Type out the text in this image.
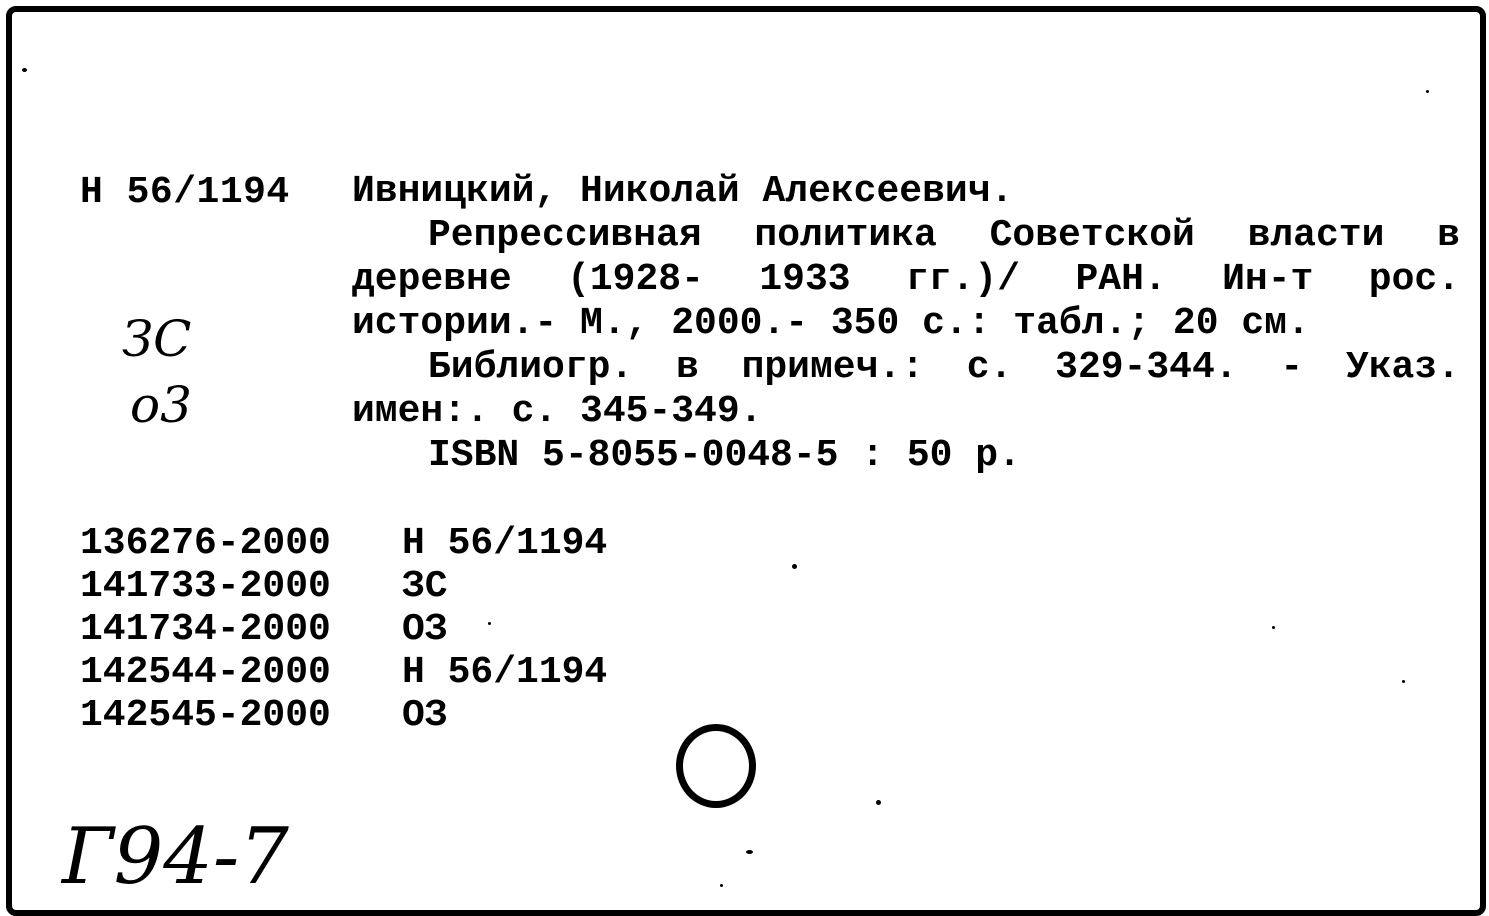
Н 56/1194 Ивницкий, Николай Алексеевич.
Репрессивная политика Советской власти в
деревне (1928- 1933 гг.)/ РАН. Ин-т рос.
истории.- М., 2000.- 350 с.: табл.; 20 см.
Библиогр. в примеч.: с. 329-344. - Указ.
имен:. с. 345-349.
ISBN 5-8055-0048-5 : 50 р.
ЗС
о3
136276-2000	Н 56/1194
141733-2000	ЗС
141734-2000	ОЗ
142544-2000	Н 56/1194
142545-2000	ОЗ
Г94-7
